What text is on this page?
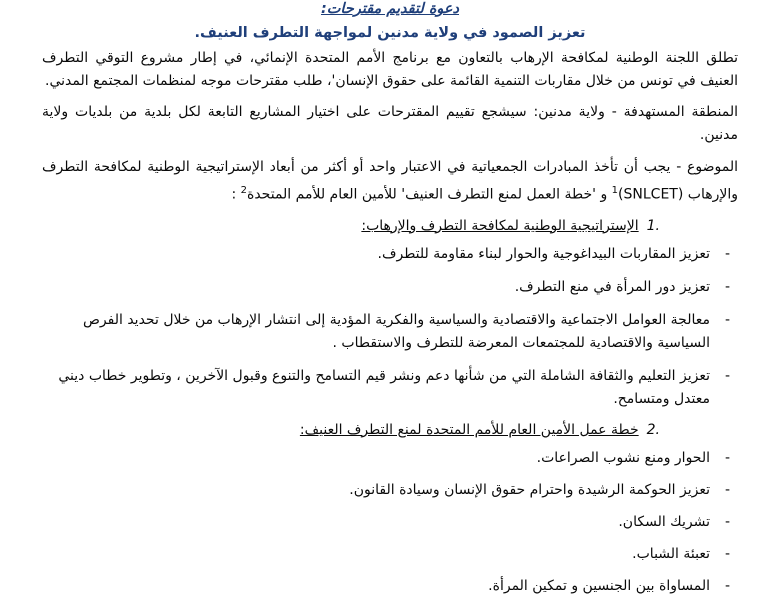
دعوة لتقديم مقترحات:
تعزيز الصمود في ولاية مدنين لمواجهة التطرف العنيف.

تطلق اللجنة الوطنية لمكافحة الإرهاب بالتعاون مع برنامج الأمم المتحدة الإنمائي، في إطار مشروع التوقي التطرف العنيف في تونس من خلال مقاربات التنمية القائمة على حقوق الإنسان'، طلب مقترحات موجه لمنظمات المجتمع المدني.

المنطقة المستهدفة - ولاية مدنين: سيشجع تقييم المقترحات على اختيار المشاريع التابعة لكل بلدية من بلديات ولاية مدنين.

الموضوع - يجب أن تأخذ المبادرات الجمعياتية في الاعتبار واحد أو أكثر من أبعاد الإستراتيجية الوطنية لمكافحة التطرف والإرهاب (SNLCET)$^1$ و 'خطة العمل لمنع التطرف العنيف' للأمين العام للأمم المتحدة$^2$ :

1.
الإستراتيجية الوطنية لمكافحة التطرف والإرهاب:
-
تعزيز المقاربات البيداغوجية والحوار لبناء مقاومة للتطرف.
-
تعزيز دور المرأة في منع التطرف.
-
معالجة العوامل الاجتماعية والاقتصادية والسياسية والفكرية المؤدية إلى انتشار الإرهاب من خلال تحديد الفرص السياسية والاقتصادية للمجتمعات المعرضة للتطرف والاستقطاب .
-
تعزيز التعليم والثقافة الشاملة التي من شأنها دعم ونشر قيم التسامح والتنوع وقبول الآخرين ، وتطوير خطاب ديني معتدل ومتسامح.
2.
خطة عمل الأمين العام للأمم المتحدة لمنع التطرف العنيف:
-
الحوار ومنع نشوب الصراعات.
-
تعزيز الحوكمة الرشيدة واحترام حقوق الإنسان وسيادة القانون.
-
تشريك السكان.
-
تعبئة الشباب.
-
المساواة بين الجنسين و تمكين المرأة.
